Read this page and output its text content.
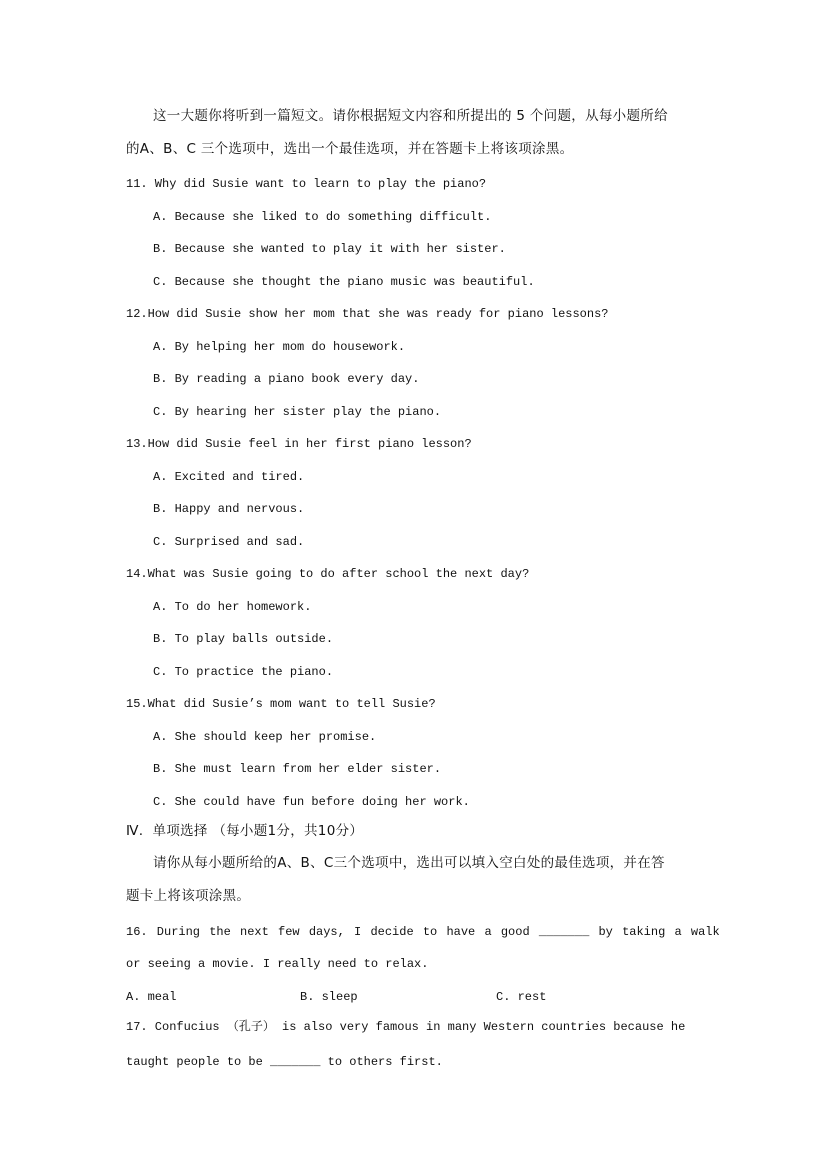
这一大题你将听到一篇短文。请你根据短文内容和所提出的 5 个问题，从每小题所给
的A、B、C 三个选项中，选出一个最佳选项，并在答题卡上将该项涂黑。
11. Why did Susie want to learn to play the piano?
A. Because she liked to do something difficult.
B. Because she wanted to play it with her sister.
C. Because she thought the piano music was beautiful.
12.How did Susie show her mom that she was ready for piano lessons?
A. By helping her mom do housework.
B. By reading a piano book every day.
C. By hearing her sister play the piano.
13.How did Susie feel in her first piano lesson?
A. Excited and tired.
B. Happy and nervous.
C. Surprised and sad.
14.What was Susie going to do after school the next day?
A. To do her homework.
B. To play balls outside.
C. To practice the piano.
15.What did Susie’s mom want to tell Susie?
A. She should keep her promise.
B. She must learn from her elder sister.
C. She could have fun before doing her work.
Ⅳ.  单项选择 （每小题1分，共10分）
请你从每小题所给的A、B、C三个选项中，选出可以填入空白处的最佳选项，并在答
题卡上将该项涂黑。
16. During the next few days, I decide to have a good _______ by taking a walk
or seeing a movie. I really need to relax.
A. meal	B. sleep	C. rest
17. Confucius （孔子） is also very famous in many Western countries because he
taught people to be _______ to others first.
